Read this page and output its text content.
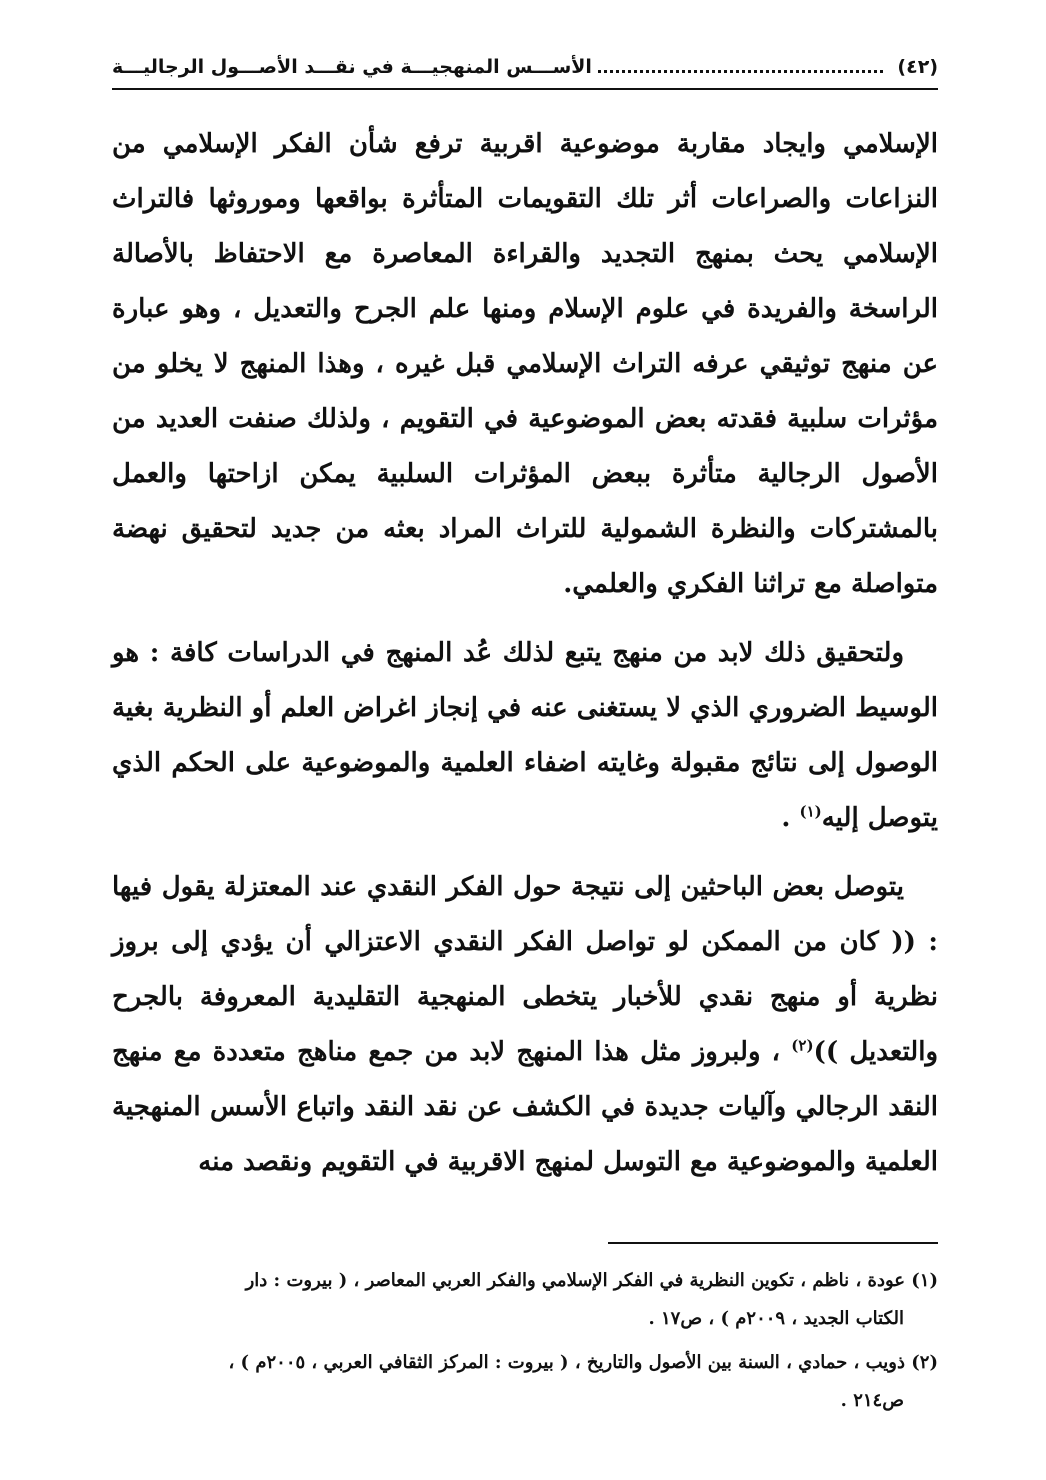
(٤٢)
الأســـس المنهجيـــة في نقـــد الأصـــول الرجاليـــة

الإسلامي وايجاد مقاربة موضوعية اقربية ترفع شأن الفكر الإسلامي من النزاعات والصراعات أثر تلك التقويمات المتأثرة بواقعها وموروثها فالتراث الإسلامي يحث بمنهج التجديد والقراءة المعاصرة مع الاحتفاظ بالأصالة الراسخة والفريدة في علوم الإسلام ومنها علم الجرح والتعديل ، وهو عبارة عن منهج توثيقي عرفه التراث الإسلامي قبل غيره ، وهذا المنهج لا يخلو من مؤثرات سلبية فقدته بعض الموضوعية في التقويم ، ولذلك صنفت العديد من الأصول الرجالية متأثرة ببعض المؤثرات السلبية يمكن ازاحتها والعمل بالمشتركات والنظرة الشمولية للتراث المراد بعثه من جديد لتحقيق نهضة متواصلة مع تراثنا الفكري والعلمي.

ولتحقيق ذلك لابد من منهج يتبع لذلك عُد المنهج في الدراسات كافة : هو الوسيط الضروري الذي لا يستغنى عنه في إنجاز اغراض العلم أو النظرية بغية الوصول إلى نتائج مقبولة وغايته اضفاء العلمية والموضوعية على الحكم الذي يتوصل إليه$^{(١)}$ .

يتوصل بعض الباحثين إلى نتيجة حول الفكر النقدي عند المعتزلة يقول فيها : (( كان من الممكن لو تواصل الفكر النقدي الاعتزالي أن يؤدي إلى بروز نظرية أو منهج نقدي للأخبار يتخطى المنهجية التقليدية المعروفة بالجرح والتعديل ))$^{(٢)}$ ، ولبروز مثل هذا المنهج لابد من جمع مناهج متعددة مع منهج النقد الرجالي وآليات جديدة في الكشف عن نقد النقد واتباع الأسس المنهجية العلمية والموضوعية مع التوسل لمنهج الاقربية في التقويم ونقصد منه

(١) عودة ، ناظم ، تكوين النظرية في الفكر الإسلامي والفكر العربي المعاصر ، ( بيروت : دار
الكتاب الجديد ، ٢٠٠٩م ) ، ص١٧ .

(٢) ذويب ، حمادي ، السنة بين الأصول والتاريخ ، ( بيروت : المركز الثقافي العربي ، ٢٠٠٥م ) ،
ص٢١٤ .
